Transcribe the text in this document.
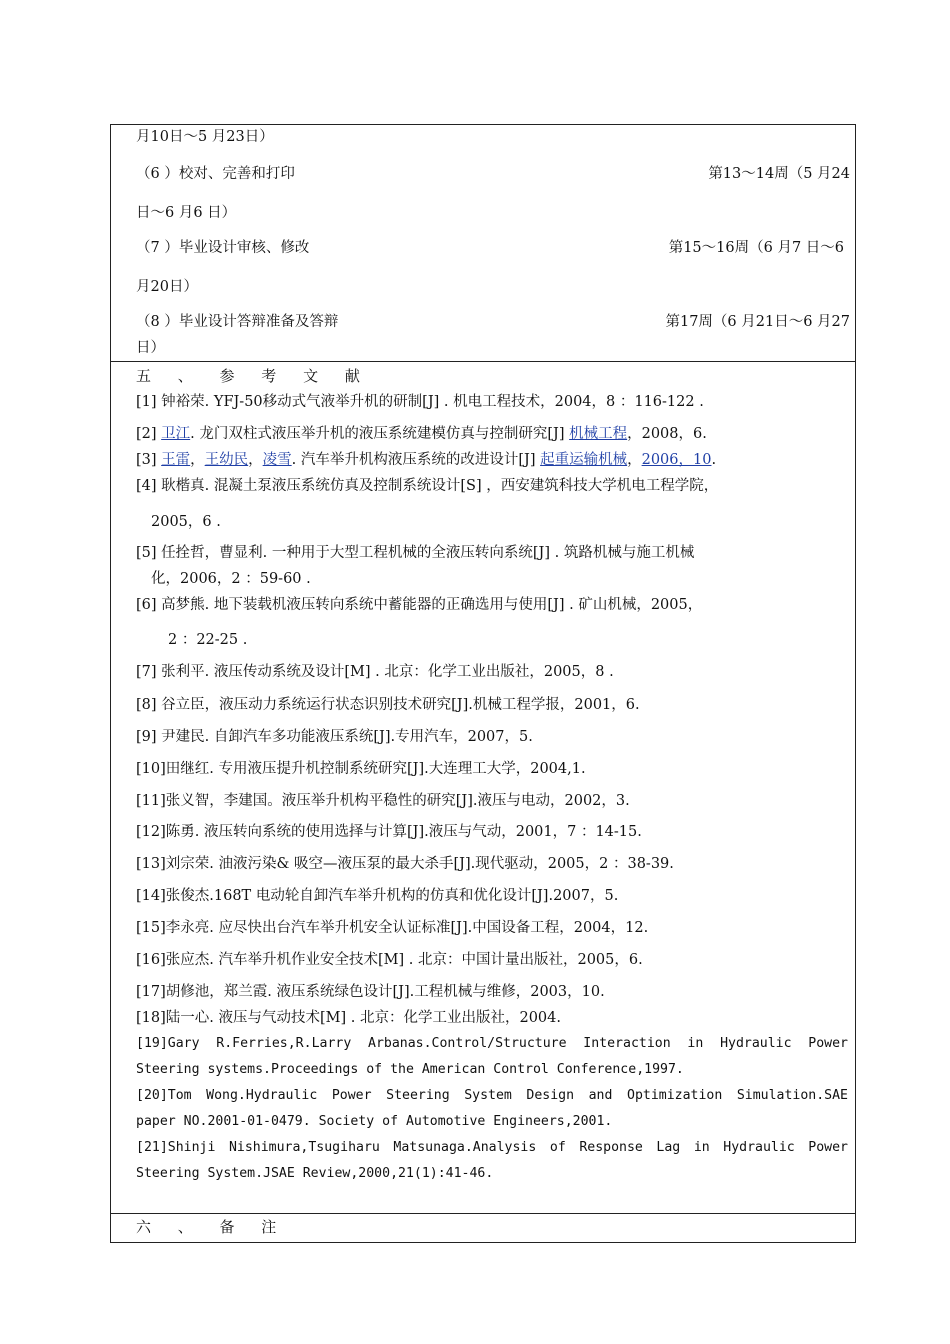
月10日～5 月23日）
（6 ）校对、完善和打印	第13～14周（5 月24
日～6 月6 日）
（7 ）毕业设计审核、修改	第15～16周（6 月7 日～6
月20日）
（8 ）毕业设计答辩准备及答辩	第17周（6 月21日～6 月27
日）
五 、 参 考 文 献
[1] 钟裕荣. YFJ-50移动式气液举升机的研制[J] . 机电工程技术，2004，8 ：116-122 .
[2] 卫江. 龙门双柱式液压举升机的液压系统建模仿真与控制研究[J] 机械工程，2008，6.
[3] 王雷，王幼民，凌雪. 汽车举升机构液压系统的改进设计[J] 起重运输机械，2006，10.
[4] 耿楷真. 混凝土泵液压系统仿真及控制系统设计[S] ，西安建筑科技大学机电工程学院，
2005，6 .
[5] 任拴哲，曹显利. 一种用于大型工程机械的全液压转向系统[J] . 筑路机械与施工机械
化，2006，2 ：59-60 .
[6] 高梦熊. 地下装载机液压转向系统中蓄能器的正确选用与使用[J] . 矿山机械，2005，
2 ：22-25 .
[7] 张利平. 液压传动系统及设计[M] . 北京：化学工业出版社，2005，8 .
[8] 谷立臣，液压动力系统运行状态识别技术研究[J].机械工程学报，2001，6.
[9] 尹建民. 自卸汽车多功能液压系统[J].专用汽车，2007，5.
[10]田继红. 专用液压提升机控制系统研究[J].大连理工大学，2004,1.
[11]张义智，李建国。液压举升机构平稳性的研究[J].液压与电动，2002，3.
[12]陈勇. 液压转向系统的使用选择与计算[J].液压与气动，2001，7 ：14-15.
[13]刘宗荣. 油液污染& 吸空—液压泵的最大杀手[J].现代驱动，2005，2 ：38-39.
[14]张俊杰.168T 电动轮自卸汽车举升机构的仿真和优化设计[J].2007，5.
[15]李永亮. 应尽快出台汽车举升机安全认证标准[J].中国设备工程，2004，12.
[16]张应杰. 汽车举升机作业安全技术[M] . 北京：中国计量出版社，2005，6.
[17]胡修池，郑兰霞. 液压系统绿色设计[J].工程机械与维修，2003，10.
[18]陆一心. 液压与气动技术[M] . 北京：化学工业出版社，2004.
[19]Gary R.Ferries,R.Larry Arbanas.Control/Structure Interaction in Hydraulic Power
Steering systems.Proceedings of the American Control Conference,1997.
[20]Tom Wong.Hydraulic Power Steering System Design and Optimization Simulation.SAE
paper NO.2001-01-0479. Society of Automotive Engineers,2001.
[21]Shinji Nishimura,Tsugiharu Matsunaga.Analysis of Response Lag in Hydraulic Power
Steering System.JSAE Review,2000,21(1):41-46.
六 、 备 注
